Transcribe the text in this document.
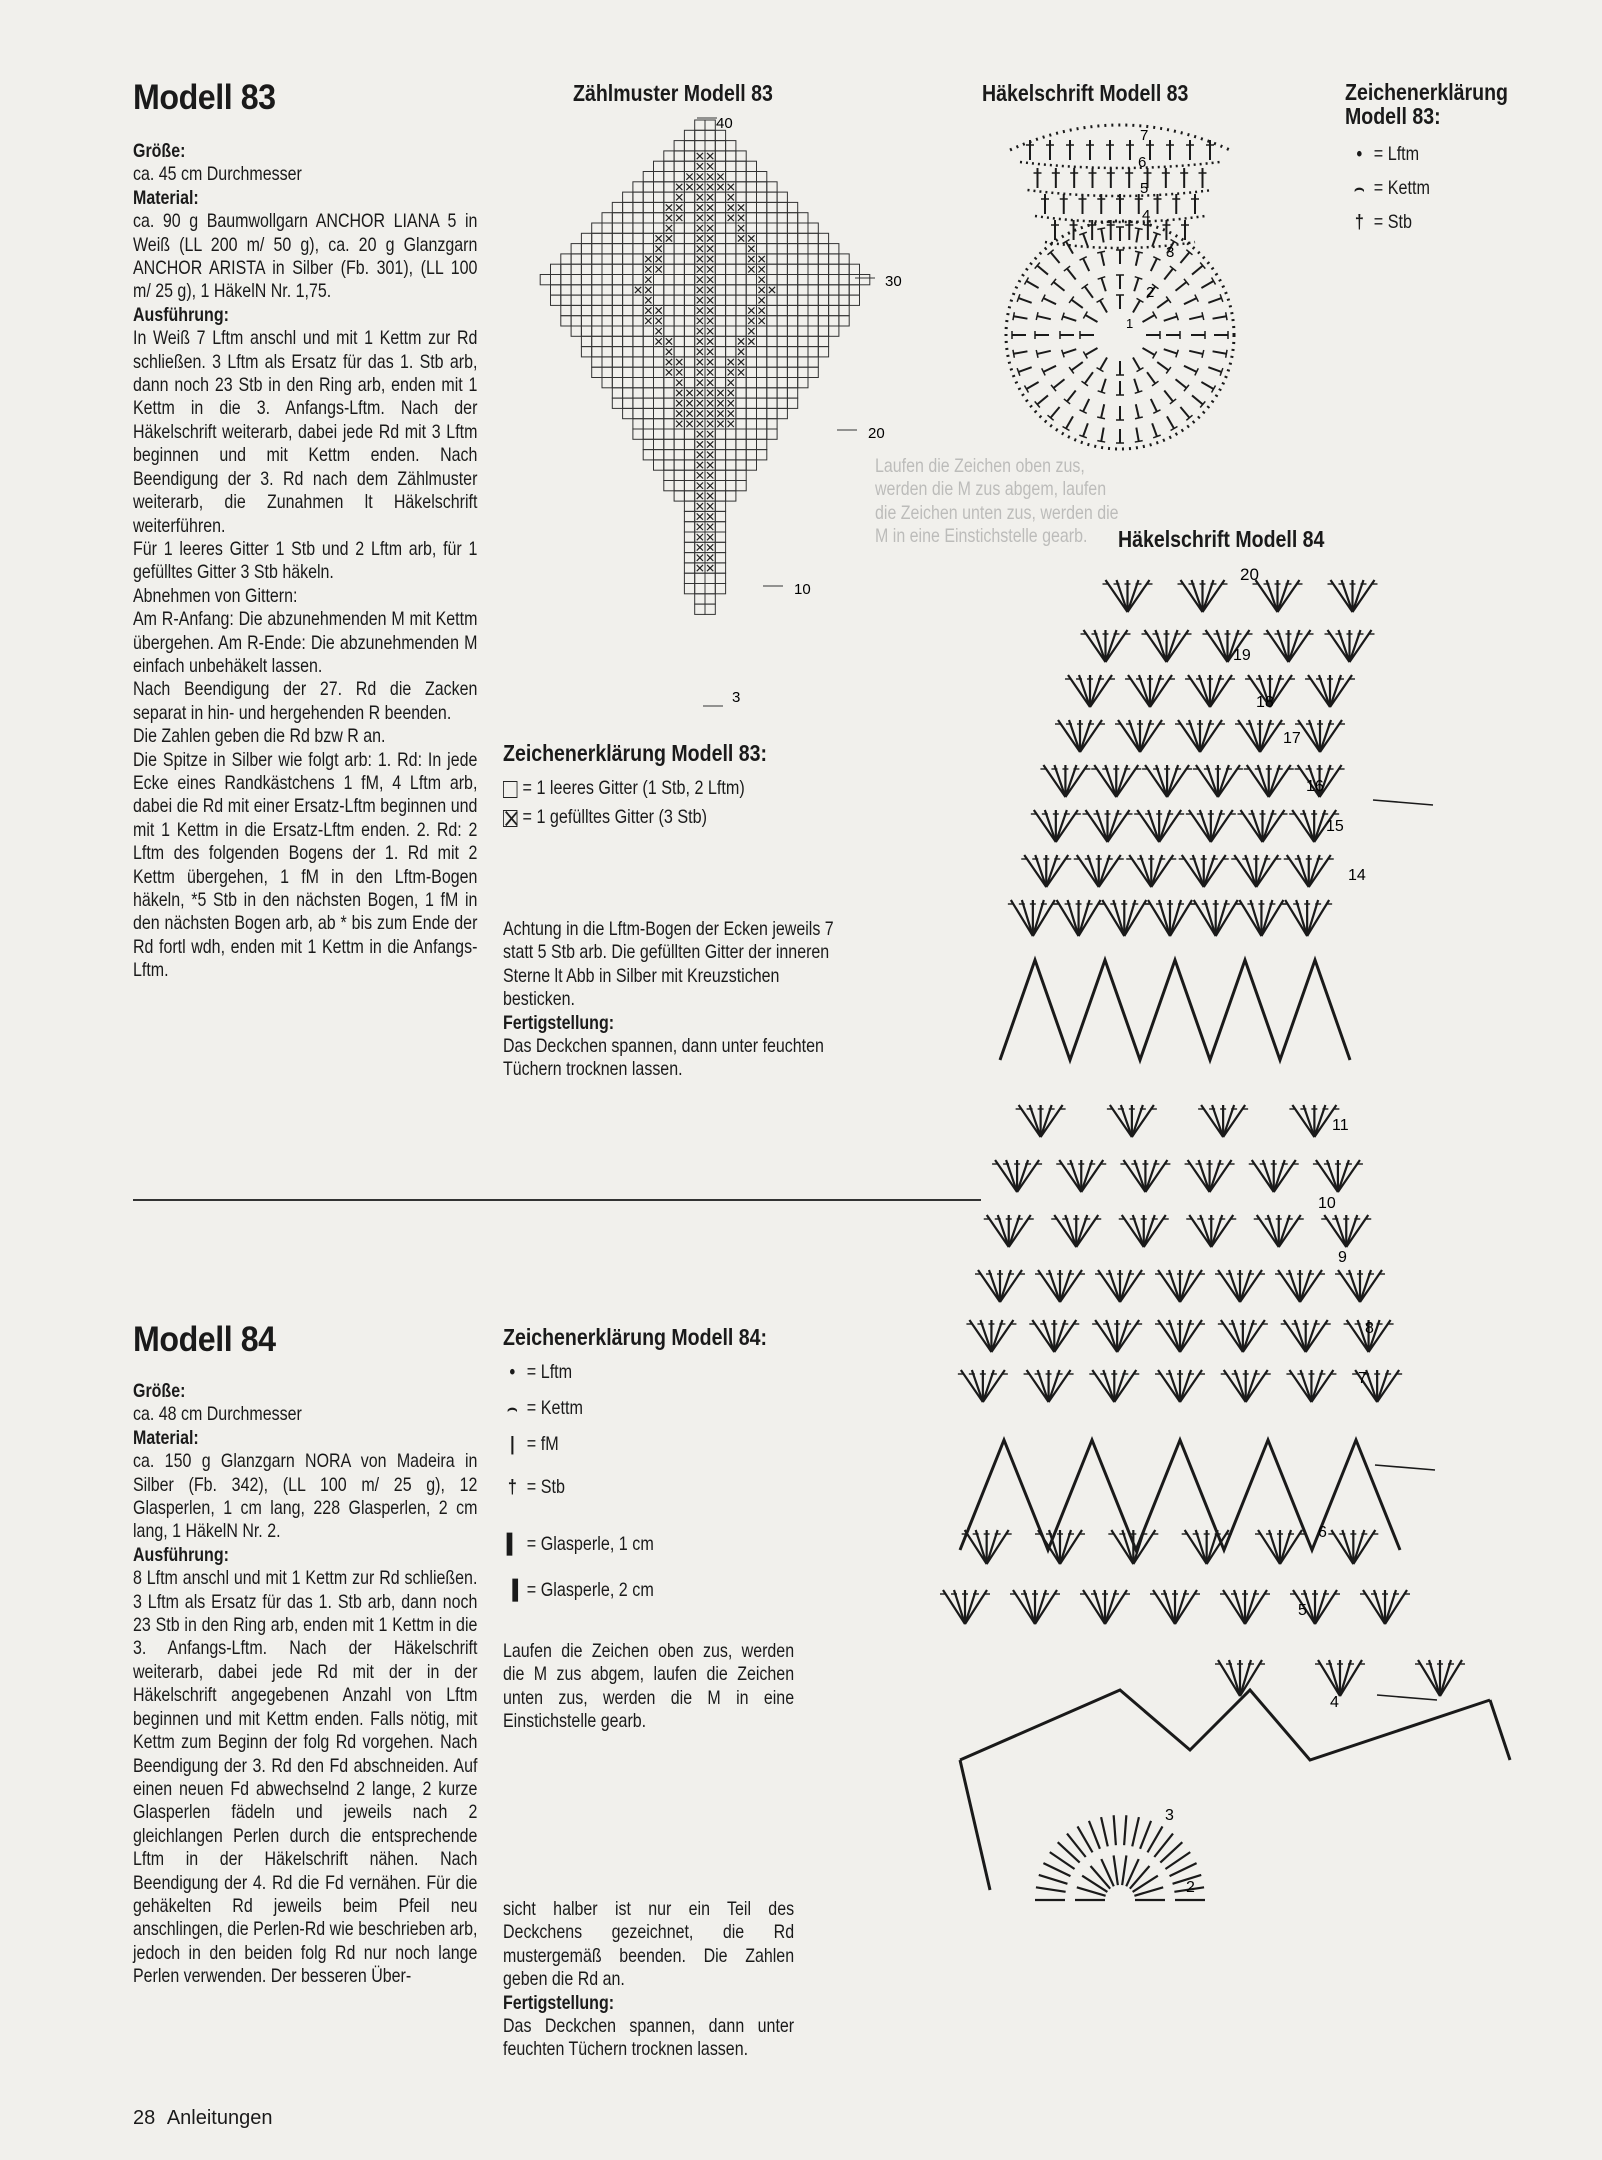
Modell 83

Größe:

ca. 45 cm Durchmesser

Material:

ca. 90 g Baumwollgarn ANCHOR LIANA 5 in Weiß (LL 200 m/ 50 g), ca. 20 g Glanzgarn ANCHOR ARISTA in Silber (Fb. 301), (LL 100 m/ 25 g), 1 HäkelN Nr. 1,75.

Ausführung:

In Weiß 7 Lftm anschl und mit 1 Kettm zur Rd schließen. 3 Lftm als Ersatz für das 1. Stb arb, dann noch 23 Stb in den Ring arb, enden mit 1 Kettm in die 3. Anfangs-Lftm. Nach der Häkelschrift weiterarb, dabei jede Rd mit 3 Lftm beginnen und mit Kettm enden. Nach Beendigung der 3. Rd nach dem Zählmuster weiterarb, die Zunahmen lt Häkelschrift weiterführen.

Für 1 leeres Gitter 1 Stb und 2 Lftm arb, für 1 gefülltes Gitter 3 Stb häkeln.

Abnehmen von Gittern:

Am R-Anfang: Die abzunehmenden M mit Kettm übergehen. Am R-Ende: Die abzunehmenden M einfach unbehäkelt lassen.

Nach Beendigung der 27. Rd die Zacken separat in hin- und hergehenden R beenden.

Die Zahlen geben die Rd bzw R an.

Die Spitze in Silber wie folgt arb: 1. Rd: In jede Ecke eines Randkästchens 1 fM, 4 Lftm arb, dabei die Rd mit einer Ersatz-Lftm beginnen und mit 1 Kettm in die Ersatz-Lftm enden. 2. Rd: 2 Lftm des folgenden Bogens der 1. Rd mit 2 Kettm übergehen, 1 fM in den Lftm-Bogen häkeln, *5 Stb in den nächsten Bogen, 1 fM in den nächsten Bogen arb, ab * bis zum Ende der Rd fortl wdh, enden mit 1 Kettm in die Anfangs-Lftm.

Zählmuster Modell 83
40
30
20
10
3
Zeichenerklärung Modell 83:
= 1 leeres Gitter (1 Stb, 2 Lftm)
= 1 gefülltes Gitter (3 Stb)

Achtung in die Lftm-Bogen der Ecken jeweils 7 statt 5 Stb arb. Die gefüllten Gitter der inneren Sterne lt Abb in Silber mit Kreuzstichen besticken.

Fertigstellung:

Das Deckchen spannen, dann unter feuchten Tüchern trocknen lassen.

Häkelschrift Modell 83
7
6
5
4
3
2
1
Zeichenerklärung Modell 83:
• = Lftm
⌢ = Kettm
† = Stb

Laufen die Zeichen oben zus, werden die M zus abgem, laufen die Zeichen unten zus, werden die M in eine Einstichstelle gearb.	Häkelschrift Modell 84
20
19
18
17
16
15
14
11
10
9
8
7
6
5
4
3
2
Modell 84

Größe:

ca. 48 cm Durchmesser

Material:

ca. 150 g Glanzgarn NORA von Madeira in Silber (Fb. 342), (LL 100 m/ 25 g), 12 Glasperlen, 1 cm lang, 228 Glasperlen, 2 cm lang, 1 HäkelN Nr. 2.

Ausführung:

8 Lftm anschl und mit 1 Kettm zur Rd schließen. 3 Lftm als Ersatz für das 1. Stb arb, dann noch 23 Stb in den Ring arb, enden mit 1 Kettm in die 3. Anfangs-Lftm. Nach der Häkelschrift weiterarb, dabei jede Rd mit der in der Häkelschrift angegebenen Anzahl von Lftm beginnen und mit Kettm enden. Falls nötig, mit Kettm zum Beginn der folg Rd vorgehen. Nach Beendigung der 3. Rd den Fd abschneiden. Auf einen neuen Fd abwechselnd 2 lange, 2 kurze Glasperlen fädeln und jeweils nach 2 gleichlangen Perlen durch die entsprechende Lftm in der Häkelschrift nähen. Nach Beendigung der 4. Rd die Fd vernähen. Für die gehäkelten Rd jeweils beim Pfeil neu anschlingen, die Perlen-Rd wie beschrieben arb, jedoch in den beiden folg Rd nur noch lange Perlen verwenden. Der besseren Über-

Zeichenerklärung Modell 84:
• = Lftm
⌢ = Kettm
| = fM
† = Stb
▌ = Glasperle, 1 cm
▐ = Glasperle, 2 cm

Laufen die Zeichen oben zus, werden die M zus abgem, laufen die Zeichen unten zus, werden die M in eine Einstichstelle gearb.

sicht halber ist nur ein Teil des Deckchens gezeichnet, die Rd mustergemäß beenden. Die Zahlen geben die Rd an.

Fertigstellung:

Das Deckchen spannen, dann unter feuchten Tüchern trocknen lassen.

28 Anleitungen
